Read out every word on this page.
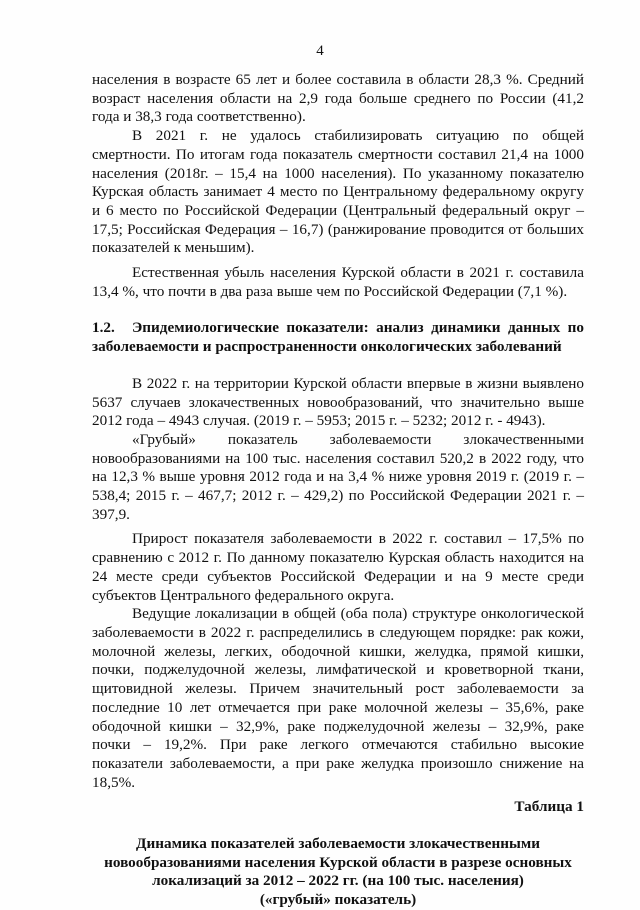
4

населения в возрасте 65 лет и более составила в области 28,3 %. Средний возраст населения области на 2,9 года больше среднего по России (41,2 года и 38,3 года соответственно).

В 2021 г. не удалось стабилизировать ситуацию по общей смертности. По итогам года показатель смертности составил 21,4 на 1000 населения (2018г. – 15,4 на 1000 населения). По указанному показателю Курская область занимает 4 место по Центральному федеральному округу и 6 место по Российской Федерации (Центральный федеральный округ – 17,5; Российская Федерация – 16,7) (ранжирование проводится от больших показателей к меньшим).

Естественная убыль населения Курской области в 2021 г. составила 13,4 %, что почти в два раза выше чем по Российской Федерации (7,1 %).

1.2. Эпидемиологические показатели: анализ динамики данных по заболеваемости и распространенности онкологических заболеваний

В 2022 г. на территории Курской области впервые в жизни выявлено 5637 случаев злокачественных новообразований, что значительно выше 2012 года – 4943 случая. (2019 г. – 5953; 2015 г. – 5232; 2012 г. - 4943).

«Грубый» показатель заболеваемости злокачественными новообразованиями на 100 тыс. населения составил 520,2 в 2022 году, что на 12,3 % выше уровня 2012 года и на 3,4 % ниже уровня 2019 г. (2019 г. – 538,4; 2015 г. – 467,7; 2012 г. – 429,2) по Российской Федерации 2021 г. – 397,9.

Прирост показателя заболеваемости в 2022 г. составил – 17,5% по сравнению с 2012 г. По данному показателю Курская область находится на 24 месте среди субъектов Российской Федерации и на 9 месте среди субъектов Центрального федерального округа.

Ведущие локализации в общей (оба пола) структуре онкологической заболеваемости в 2022 г. распределились в следующем порядке: рак кожи, молочной железы, легких, ободочной кишки, желудка, прямой кишки, почки, поджелудочной железы, лимфатической и кроветворной ткани, щитовидной железы. Причем значительный рост заболеваемости за последние 10 лет отмечается при раке молочной железы – 35,6%, раке ободочной кишки – 32,9%, раке поджелудочной железы – 32,9%, раке почки – 19,2%. При раке легкого отмечаются стабильно высокие показатели заболеваемости, а при раке желудка произошло снижение на 18,5%.

Таблица 1

Динамика показателей заболеваемости злокачественными
новообразованиями населения Курской области в разрезе основных
локализаций за 2012 – 2022 гг. (на 100 тыс. населения)
(«грубый» показатель)
